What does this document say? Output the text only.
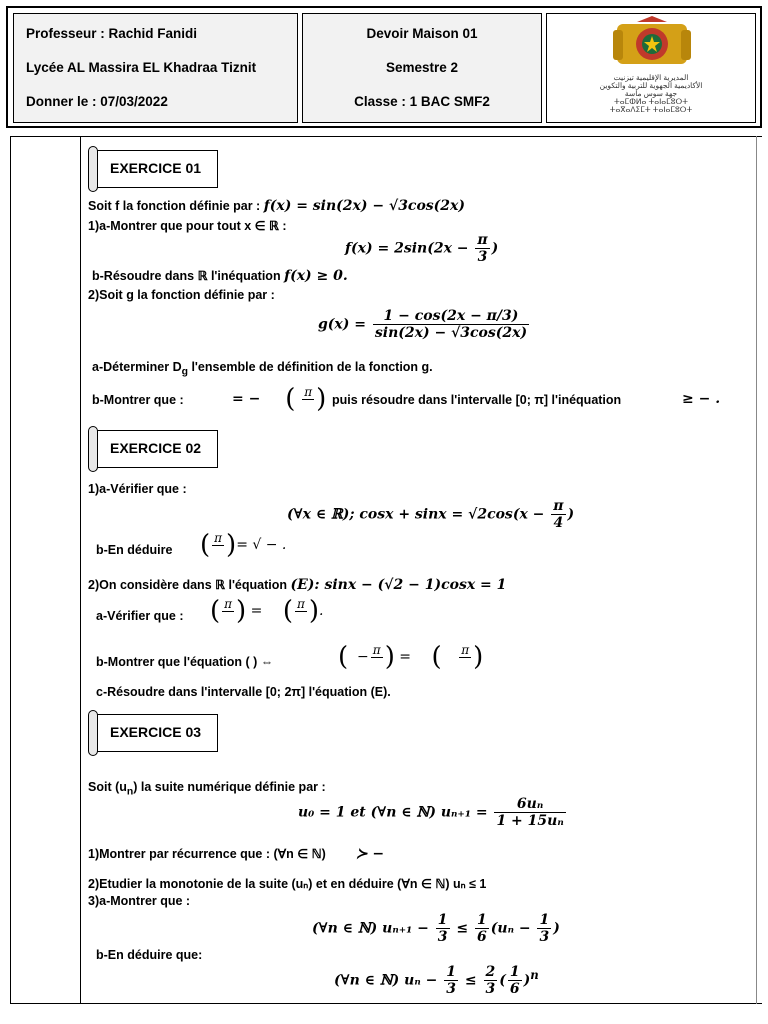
Professeur : Rachid Fanidi
Lycée AL Massira EL Khadraa Tiznit
Donner le : 07/03/2022
Devoir Maison 01
Semestre 2
Classe : 1 BAC SMF2
المديرية الإقليمية تيزنيت
الأكاديمية الجهوية للتربية والتكوين
جهة سوس ماسة
ⵜⴰⵎⵀⵍⴰ ⵜⴰⵏⴰⵎⵓⵔⵜ
ⵜⴰⴳⴰⴷⵉⵎⵜ ⵜⴰⵏⴰⵎⵓⵔⵜ
EXERCICE 01
Soit f la fonction définie par : f(x) = sin(2x) − √3cos(2x)
1)a-Montrer que pour tout x ∈ ℝ :
$f(x) = 2\sin(2x - \frac{\pi}{3}$ )
b-Résoudre dans ℝ l'inéquation f(x) ≥ 0.
2)Soit g la fonction définie par :
$g(x) = \frac{1 - \cos(2x - \pi/3)}{\sin(2x) - √3\cos(2x)}$
a-Déterminer $D_g$ l'ensemble de définition de la fonction g.
b-Montrer que :	= − ( π
) puis résoudre dans l'intervalle [0; π] l'inéquation	≥ − .
EXERCICE 02
1)a-Vérifier que :
(∀x ∈ ℝ); $\cos x + \sin x = √2\cos(x - \frac{\pi}{4}$ )
b-En déduire ( π
)= √ − .
2)On considère dans ℝ l'équation (E): sinx − (√2 − 1)cosx = 1
a-Vérifier que : ( π
) = ( π
).
b-Montrer que l'équation ( ) ⇔ (  − π
) = (
π
)
c-Résoudre dans l'intervalle [0; 2π] l'équation (E).
EXERCICE 03
Soit $(u_n)$ la suite numérique définie par :
u₀ = 1 et (∀n ∈ ℕ) $u_{n+1} = \frac{\text{6uₙ}}{\text{1 + 15uₙ}}$
1)Montrer par récurrence que : (∀n ∈ ℕ) ≻ −
2)Etudier la monotonie de la suite (uₙ) et en déduire (∀n ∈ ℕ) uₙ ≤ 1
3)a-Montrer que :
(∀n ∈ ℕ) $u_{n+1} - \frac{1}{3} \le \frac{1}{6} (u_n - \frac{1}{3}$ )
b-En déduire que:
(∀n ∈ ℕ) $u_n - \frac{1}{3} \le \frac{2}{3}$ ( $\frac{1}{6} )^n$
